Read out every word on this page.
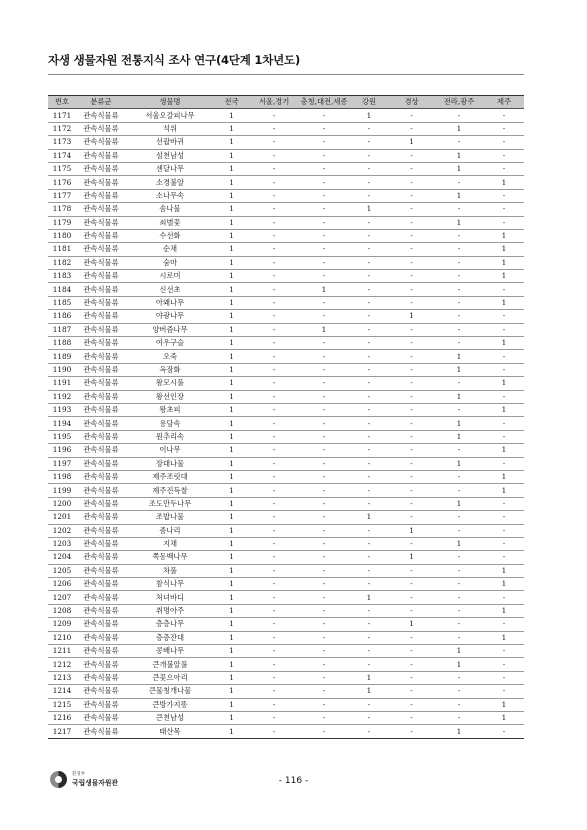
자생 생물자원 전통지식 조사 연구(4단계 1차년도)
번호	분류군	생물명	전국	서울,경기	충청,대전,세종	강원	경상	전라,광주	제주
1171	관속식물류	서울오갈피나무	1	-	-	1	-	-	-
1172	관속식물류	석위	1	-	-	-	-	1	-
1173	관속식물류	선괍바귀	1	-	-	-	1	-	-
1174	관속식물류	섬천남성	1	-	-	-	-	1	-
1175	관속식물류	센달나무	1	-	-	-	-	1	-
1176	관속식물류	소경불알	1	-	-	-	-	-	1
1177	관속식물류	소나무속	1	-	-	-	-	1	-
1178	관속식물류	솜나물	1	-	-	1	-	-	-
1179	관속식물류	쇠별꽃	1	-	-	-	-	1	-
1180	관속식물류	수선화	1	-	-	-	-	-	1
1181	관속식물류	순채	1	-	-	-	-	-	1
1182	관속식물류	숨마	1	-	-	-	-	-	1
1183	관속식물류	시로미	1	-	-	-	-	-	1
1184	관속식물류	신선초	1	-	1	-	-	-	-
1185	관속식물류	아왜나무	1	-	-	-	-	-	1
1186	관속식물류	야광나무	1	-	-	-	1	-	-
1187	관속식물류	양버즘나무	1	-	1	-	-	-	-
1188	관속식물류	여우구슬	1	-	-	-	-	-	1
1189	관속식물류	오죽	1	-	-	-	-	1	-
1190	관속식물류	옥잠화	1	-	-	-	-	1	-
1191	관속식물류	왕모시풀	1	-	-	-	-	-	1
1192	관속식물류	왕선인장	1	-	-	-	-	1	-
1193	관속식물류	왕초피	1	-	-	-	-	-	1
1194	관속식물류	용담속	1	-	-	-	-	1	-
1195	관속식물류	원추리속	1	-	-	-	-	1	-
1196	관속식물류	이나무	1	-	-	-	-	-	1
1197	관속식물류	장대나물	1	-	-	-	-	1	-
1198	관속식물류	제주조릿대	1	-	-	-	-	-	1
1199	관속식물류	제주진득찰	1	-	-	-	-	-	1
1200	관속식물류	조도만두나무	1	-	-	-	-	1	-
1201	관속식물류	조밥나물	1	-	-	1	-	-	-
1202	관속식물류	좀나리	1	-	-	-	1	-	-
1203	관속식물류	지채	1	-	-	-	-	1	-
1204	관속식물류	쪽동백나무	1	-	-	-	1	-	-
1205	관속식물류	차풀	1	-	-	-	-	-	1
1206	관속식물류	참식나무	1	-	-	-	-	-	1
1207	관속식물류	처녀바디	1	-	-	1	-	-	-
1208	관속식물류	취명아주	1	-	-	-	-	-	1
1209	관속식물류	층층나무	1	-	-	-	1	-	-
1210	관속식물류	층층잔대	1	-	-	-	-	-	1
1211	관속식물류	콩배나무	1	-	-	-	-	1	-
1212	관속식물류	큰개불알풀	1	-	-	-	-	1	-
1213	관속식물류	큰꽃으아리	1	-	-	1	-	-	-
1214	관속식물류	큰물칭개나물	1	-	-	1	-	-	-
1215	관속식물류	큰방가지똥	1	-	-	-	-	-	1
1216	관속식물류	큰천남성	1	-	-	-	-	-	1
1217	관속식물류	태산목	1	-	-	-	-	1	-
환경부
국립생물자원관	- 116 -
